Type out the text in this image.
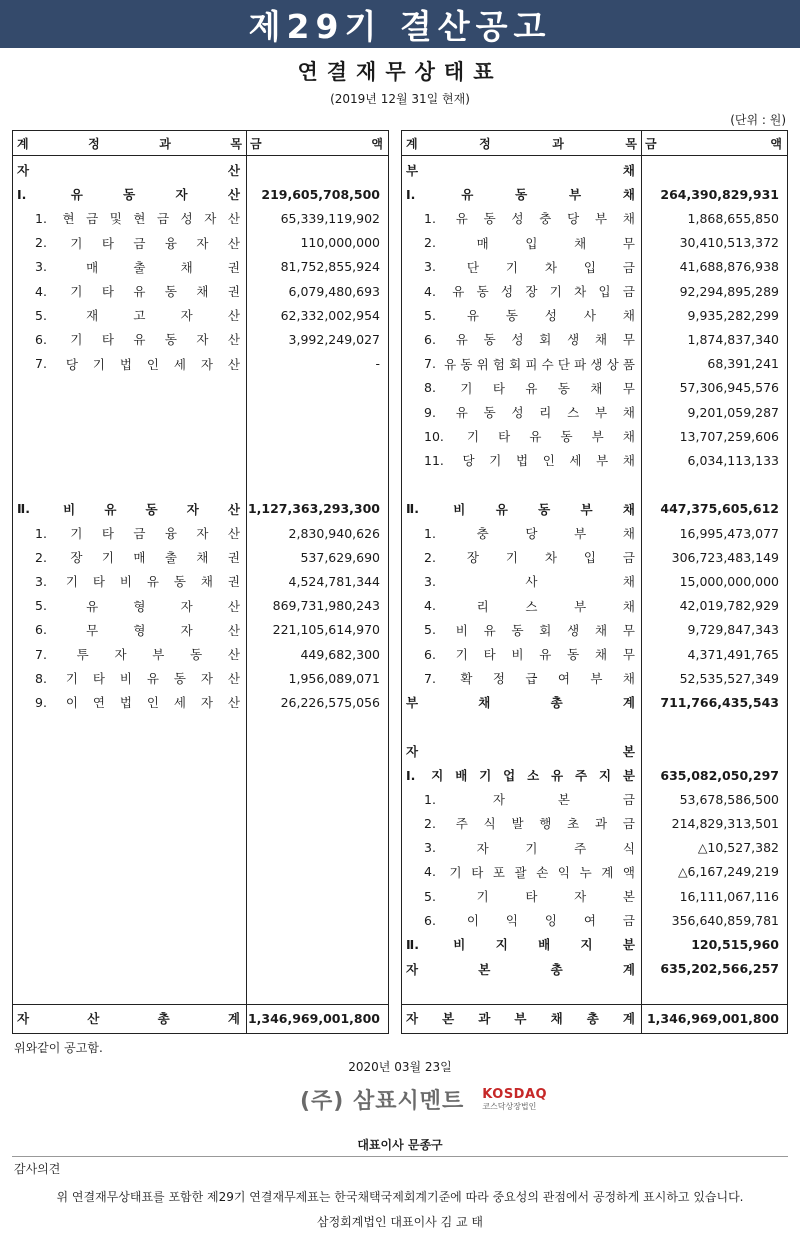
제29기 결산공고
연결재무상태표
(2019년 12월 31일 현재)
(단위 : 원)
계	정	과	목 금	액
자	산
Ⅰ.	유	동	자	산	219,605,708,500
1. 현 금 및 현 금 성 자 산	65,339,119,902
2. 기 타 금 융 자 산	110,000,000
3.	매	출	채	권	81,752,855,924
4. 기 타 유 동 채 권	6,079,480,693
5.	재	고	자	산	62,332,002,954
6. 기 타 유 동 자 산	3,992,249,027
7. 당 기 법 인 세 자 산	-
Ⅱ.	비 유 동 자 산 1,127,363,293,300
1. 기 타 금 융 자 산	2,830,940,626
2. 장 기 매 출 채 권	537,629,690
3. 기 타 비 유 동 채 권	4,524,781,344
5.	유	형	자	산	869,731,980,243
6.	무	형	자	산	221,105,614,970
7. 투 자 부 동 산	449,682,300
8. 기 타 비 유 동 자 산	1,956,089,071
9. 이 연 법 인 세 자 산	26,226,575,056
자	산	총	계 1,346,969,001,800
계	정	과	목 금	액
부	채
Ⅰ.	유	동	부	채	264,390,829,931
1. 유 동 성 충 당 부 채	1,868,655,850
2.	매	입	채	무	30,410,513,372
3. 단 기 차 입 금	41,688,876,938
4. 유 동 성 장 기 차 입 금	92,294,895,289
5. 유 동 성 사 채	9,935,282,299
6. 유 동 성 회 생 채 무	1,874,837,340
7. 유 동 위 험 회 피 수 단 파 생 상 품	68,391,241
8. 기 타 유 동 채 무	57,306,945,576
9. 유 동 성 리 스 부 채	9,201,059,287
10. 기 타 유 동 부 채	13,707,259,606
11. 당 기 법 인 세 부 채	6,034,113,133
Ⅱ.	비 유 동 부 채	447,375,605,612
1.	충	당	부	채	16,995,473,077
2. 장 기 차 입 금	306,723,483,149
3.	사	채	15,000,000,000
4.	리	스	부	채	42,019,782,929
5. 비 유 동 회 생 채 무	9,729,847,343
6. 기 타 비 유 동 채 무	4,371,491,765
7. 확 정 급 여 부 채	52,535,527,349
부	채	총	계	711,766,435,543
자	본
Ⅰ. 지 배 기 업 소 유 주 지 분	635,082,050,297
1.	자	본	금	53,678,586,500
2. 주 식 발 행 초 과 금	214,829,313,501
3.	자	기	주	식	△10,527,382
4. 기 타 포 괄 손 익 누 계 액	△6,167,249,219
5.	기	타	자	본	16,111,067,116
6. 이 익 잉 여 금	356,640,859,781
Ⅱ.	비 지 배 지 분	120,515,960
자	본	총	계	635,202,566,257
자 본 과 부 채 총 계 1,346,969,001,800
위와같이 공고함.
2020년 03월 23일
(주) 삼표시멘트 KOSDAQ
코스닥상장법인
대표이사 문종구
감사의견
위 연결재무상태표를 포함한 제29기 연결재무제표는 한국채택국제회계기준에 따라 중요성의 관점에서 공정하게 표시하고 있습니다.
삼정회계법인 대표이사 김 교 태
